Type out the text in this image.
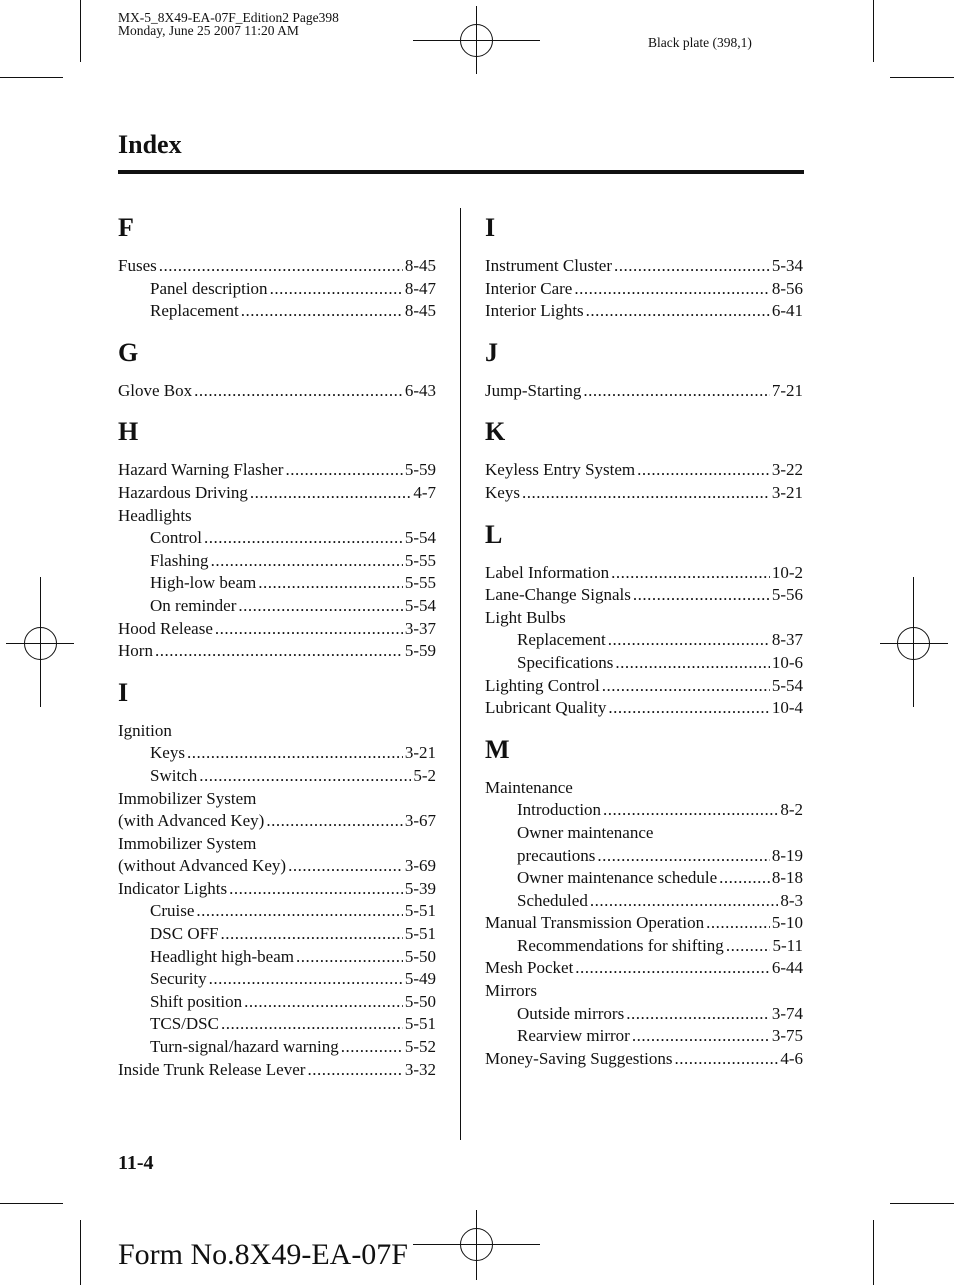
MX-5_8X49-EA-07F_Edition2 Page398
Monday, June 25 2007 11:20 AM
Black plate (398,1)
Index
F
Fuses .....	8-45
Panel description .....	8-47
Replacement .....	8-45
G
Glove Box .....	6-43
H
Hazard Warning Flasher .....	5-59
Hazardous Driving .....	4-7
Headlights
Control .....	5-54
Flashing .....	5-55
High-low beam .....	5-55
On reminder .....	5-54
Hood Release .....	3-37
Horn .....	5-59
I
Ignition
Keys .....	3-21
Switch .....	5-2
Immobilizer System
(with Advanced Key) .....	3-67
Immobilizer System
(without Advanced Key) .....	3-69
Indicator Lights .....	5-39
Cruise .....	5-51
DSC OFF .....	5-51
Headlight high-beam .....	5-50
Security .....	5-49
Shift position .....	5-50
TCS/DSC .....	5-51
Turn-signal/hazard warning .....	5-52
Inside Trunk Release Lever .....	3-32
I
Instrument Cluster .....	5-34
Interior Care .....	8-56
Interior Lights .....	6-41
J
Jump-Starting .....	7-21
K
Keyless Entry System .....	3-22
Keys .....	3-21
L
Label Information .....	10-2
Lane-Change Signals .....	5-56
Light Bulbs
Replacement .....	8-37
Specifications .....	10-6
Lighting Control .....	5-54
Lubricant Quality .....	10-4
M
Maintenance
Introduction .....	8-2
Owner maintenance
precautions .....	8-19
Owner maintenance schedule .....	8-18
Scheduled .....	8-3
Manual Transmission Operation .....	5-10
Recommendations for shifting .....	5-11
Mesh Pocket .....	6-44
Mirrors
Outside mirrors .....	3-74
Rearview mirror .....	3-75
Money-Saving Suggestions .....	4-6
11-4
Form No.8X49-EA-07F
